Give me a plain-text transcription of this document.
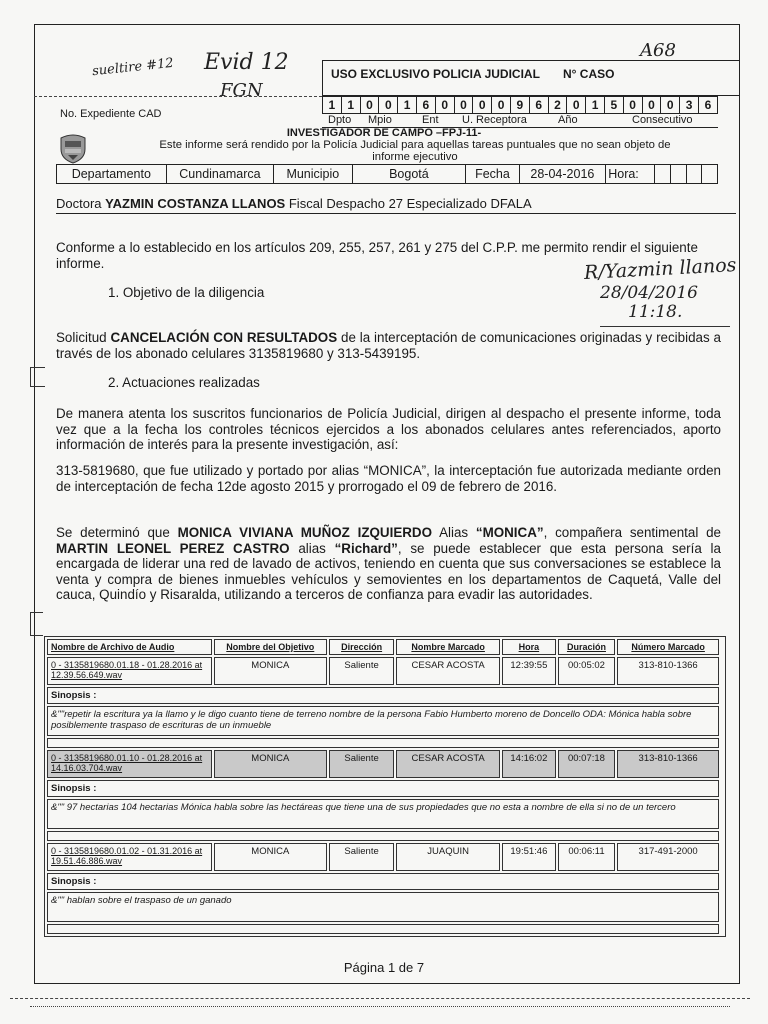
sueltire #12 Evid 12
FGN
A68
USO EXCLUSIVO POLICIA JUDICIAL N° CASO
No. Expediente CAD
1	1	0	0	1	6	0	0	0	0	9	6	2	0	1	5	0	0	0	3	6
Dpto Mpio	Ent U. Receptora	Año	Consecutivo
INVESTIGADOR DE CAMPO –FPJ-11-
Este informe será rendido por la Policía Judicial para aquellas tareas puntuales que no sean objeto de
informe ejecutivo
Departamento	Cundinamarca	Municipio	Bogotá	Fecha	28-04-2016	Hora:				
Doctora YAZMIN COSTANZA LLANOS Fiscal Despacho 27 Especializado DFALA
Conforme a lo establecido en los artículos 209, 255, 257, 261 y 275 del C.P.P. me permito rendir el siguiente informe.	R/Yazmin llanos
28/04/2016
11:18.
1. Objetivo de la diligencia
Solicitud CANCELACIÓN CON RESULTADOS de la interceptación de comunicaciones originadas y recibidas a través de los abonado celulares 3135819680 y 313-5439195.
2. Actuaciones realizadas
De manera atenta los suscritos funcionarios de Policía Judicial, dirigen al despacho el presente informe, toda vez que a la fecha los controles técnicos ejercidos a los abonados celulares antes referenciados, aporto información de interés para la presente investigación, así:
313-5819680, que fue utilizado y portado por alias “MONICA”, la interceptación fue autorizada mediante orden de interceptación de fecha 12de agosto 2015 y prorrogado el 09 de febrero de 2016.
Se determinó que MONICA VIVIANA MUÑOZ IZQUIERDO Alias “MONICA”, compañera sentimental de MARTIN LEONEL PEREZ CASTRO alias “Richard”, se puede establecer que esta persona sería la encargada de liderar una red de lavado de activos, teniendo en cuenta que sus conversaciones se establece la venta y compra de bienes inmuebles vehículos y semovientes en los departamentos de Caquetá, Valle del cauca, Quindío y Risaralda, utilizando a terceros de confianza para evadir las autoridades.
Nombre de Archivo de Audio	Nombre del Objetivo	Dirección	Nombre Marcado	Hora	Duración	Número Marcado
0 - 3135819680.01.18 - 01.28.2016 at 12.39.56.649.wav	MONICA	Saliente	CESAR ACOSTA	12:39:55	00:05:02	313-810-1366
Sinopsis :						
&""repetir la escritura ya la llamo y le digo cuanto tiene de terreno nombre de la persona Fabio Humberto moreno de Doncello ODA: Mónica habla sobre posiblemente traspaso de escrituras de un inmueble						

0 - 3135819680.01.10 - 01.28.2016 at 14.16.03.704.wav	MONICA	Saliente	CESAR ACOSTA	14:16:02	00:07:18	313-810-1366
Sinopsis :						
&"" 97 hectarias 104 hectarias Mónica habla sobre las hectáreas que tiene una de sus propiedades que no esta a nombre de ella si no de un tercero						

0 - 3135819680.01.02 - 01.31.2016 at 19.51.46.886.wav	MONICA	Saliente	JUAQUIN	19:51:46	00:06:11	317-491-2000
Sinopsis :						
&"" hablan sobre el traspaso de un ganado						

Página 1 de 7
